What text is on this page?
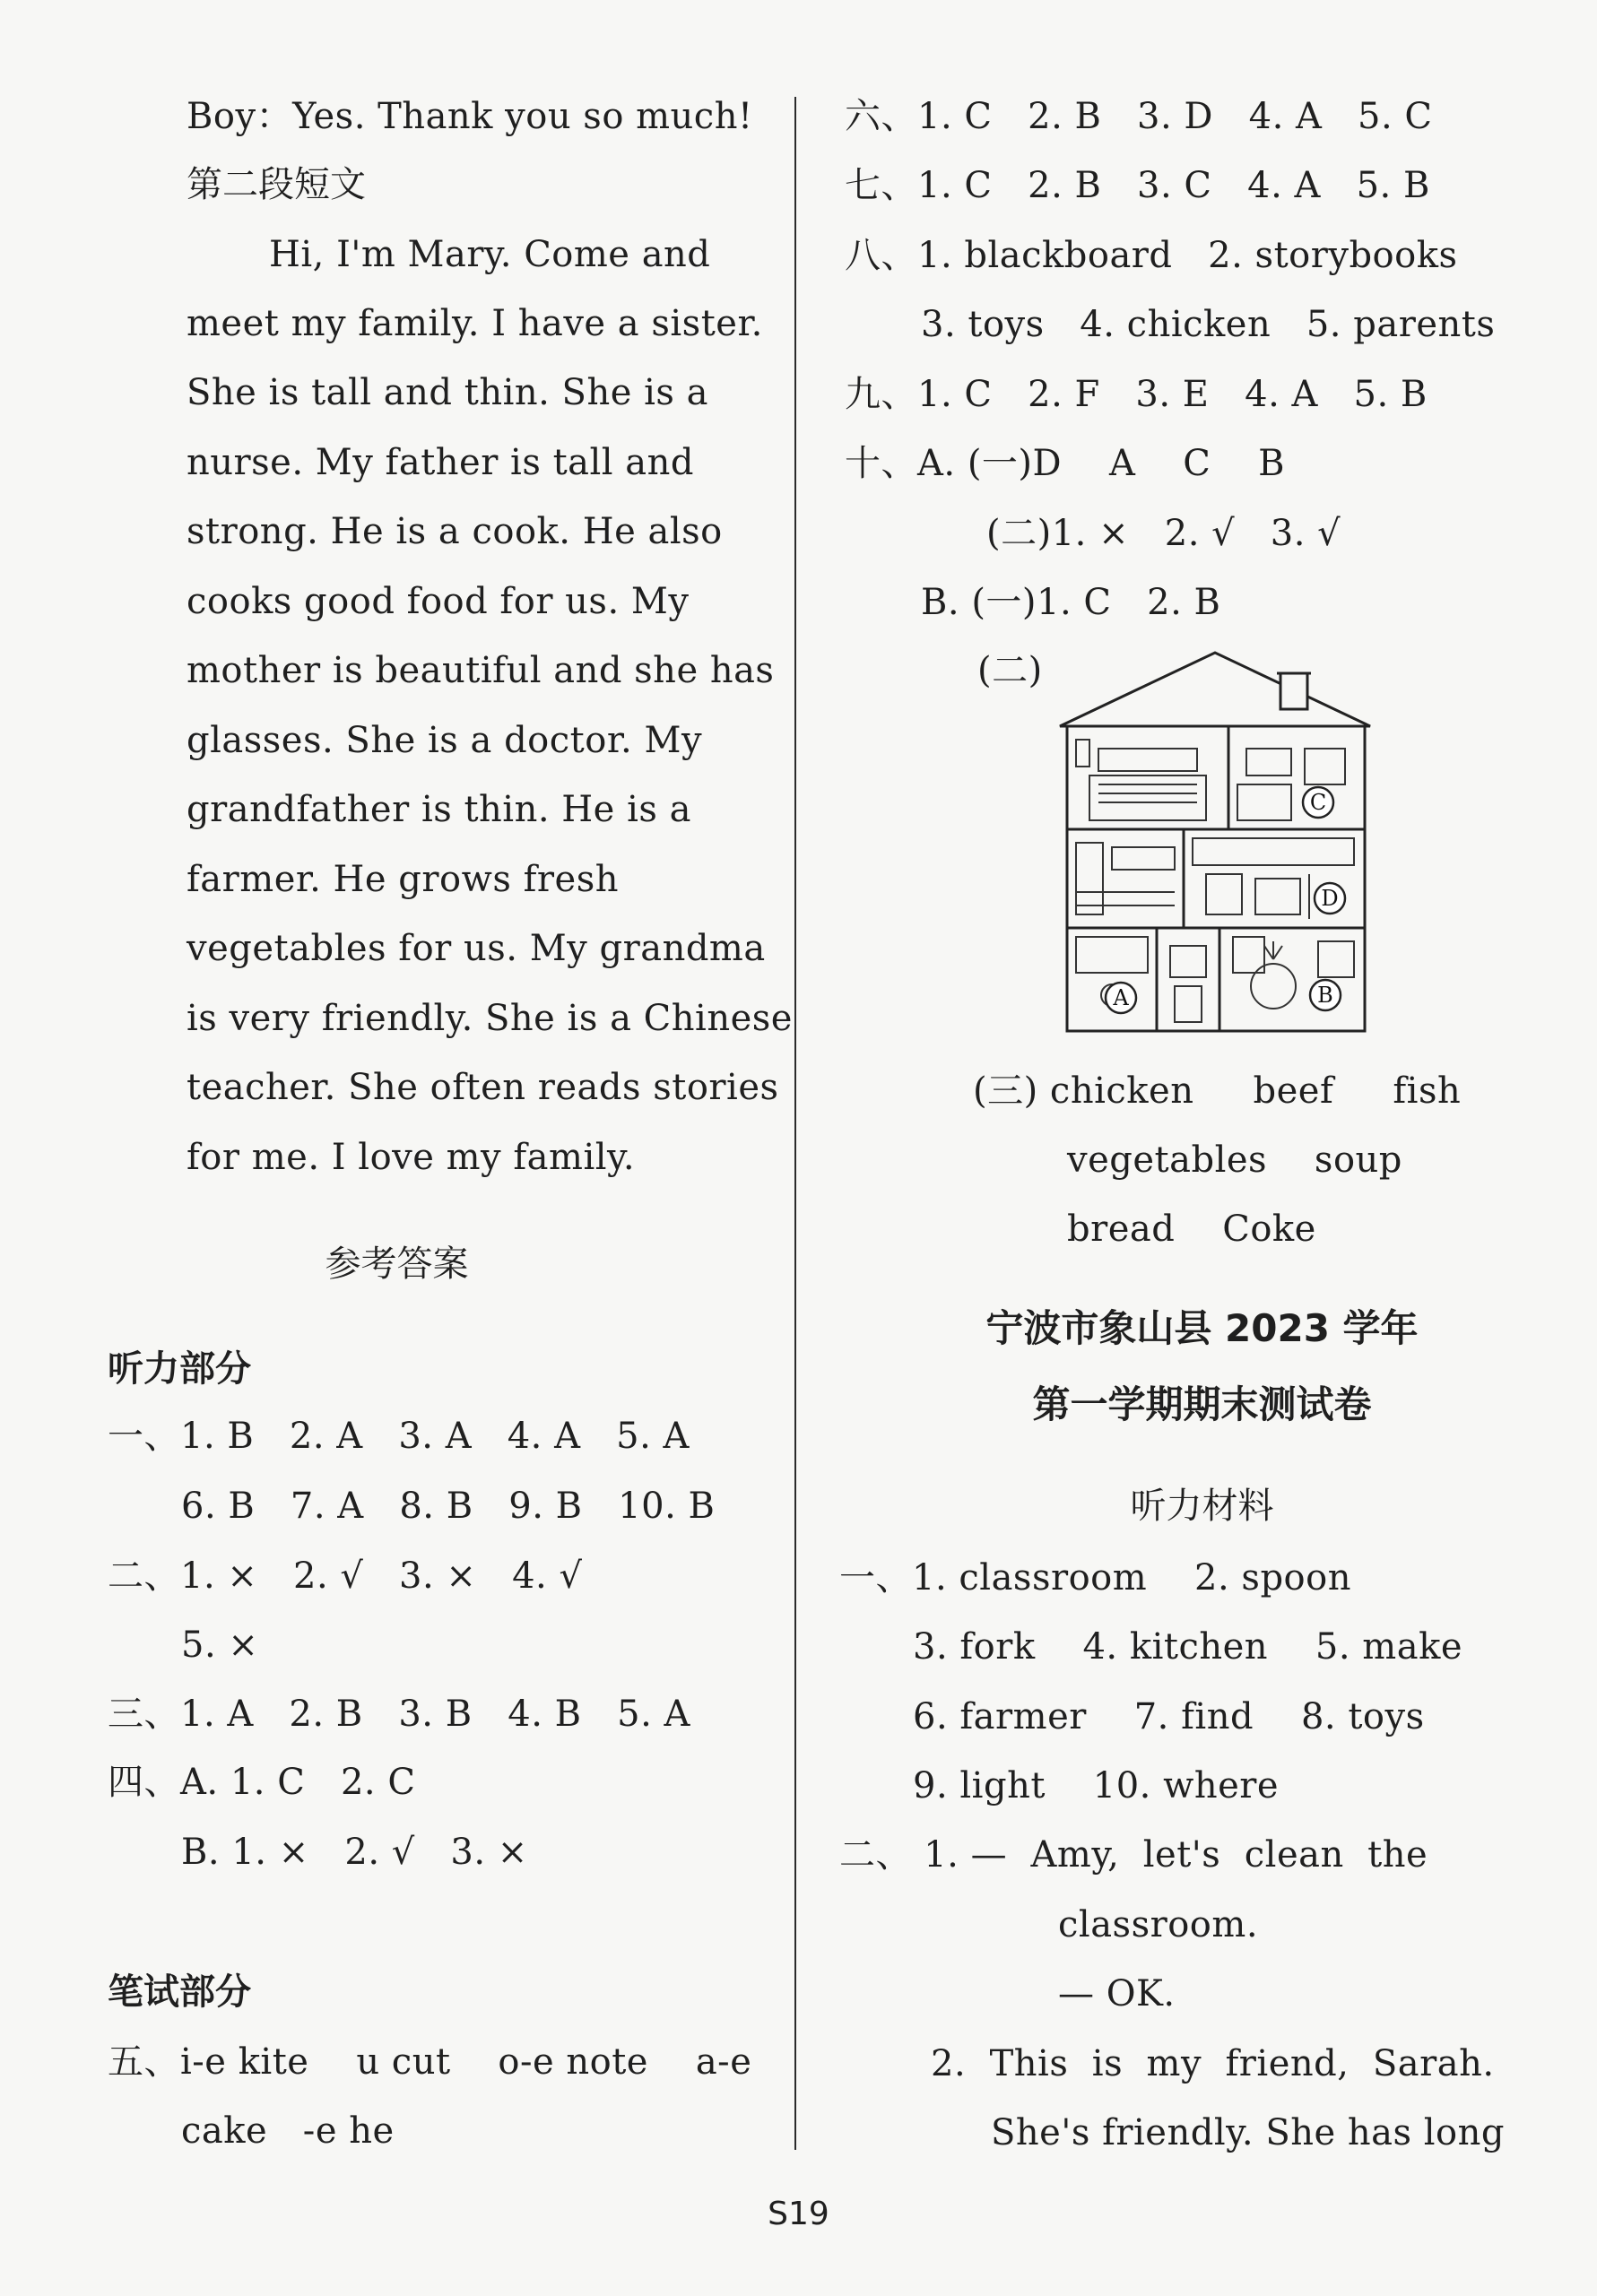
Boy：Yes. Thank you so much!
第二段短文
Hi, I'm Mary. Come and
meet my family. I have a sister.
She is tall and thin. She is a
nurse. My father is tall and
strong. He is a cook. He also
cooks good food for us. My
mother is beautiful and she has
glasses. She is a doctor. My
grandfather is thin. He is a
farmer. He grows fresh
vegetables for us. My grandma
is very friendly. She is a Chinese
teacher. She often reads stories
for me. I love my family.
参考答案
听力部分
一、1. B   2. A   3. A   4. A   5. A
6. B   7. A   8. B   9. B   10. B
二、1. ×   2. √   3. ×   4. √
5. ×
三、1. A   2. B   3. B   4. B   5. A
四、A. 1. C   2. C
B. 1. ×   2. √   3. ×
笔试部分
五、i-e kite    u cut    o-e note    a-e
cake   -e he
六、1. C   2. B   3. D   4. A   5. C
七、1. C   2. B   3. C   4. A   5. B
八、1. blackboard   2. storybooks
3. toys   4. chicken   5. parents
九、1. C   2. F   3. E   4. A   5. B
十、A. (一)D    A    C    B
(二)1. ×   2. √   3. √
B. (一)1. C   2. B
(二)
C
D
A	B
(三) chicken     beef     fish
vegetables    soup
bread    Coke
宁波市象山县 2023 学年
第一学期期末测试卷
听力材料
一、1. classroom    2. spoon
3. fork    4. kitchen    5. make
6. farmer    7. find    8. toys
9. light    10. where
二、 1. —  Amy,  let's  clean  the
classroom.
— OK.
2.  This  is  my  friend,  Sarah.
She's friendly. She has long
S19
